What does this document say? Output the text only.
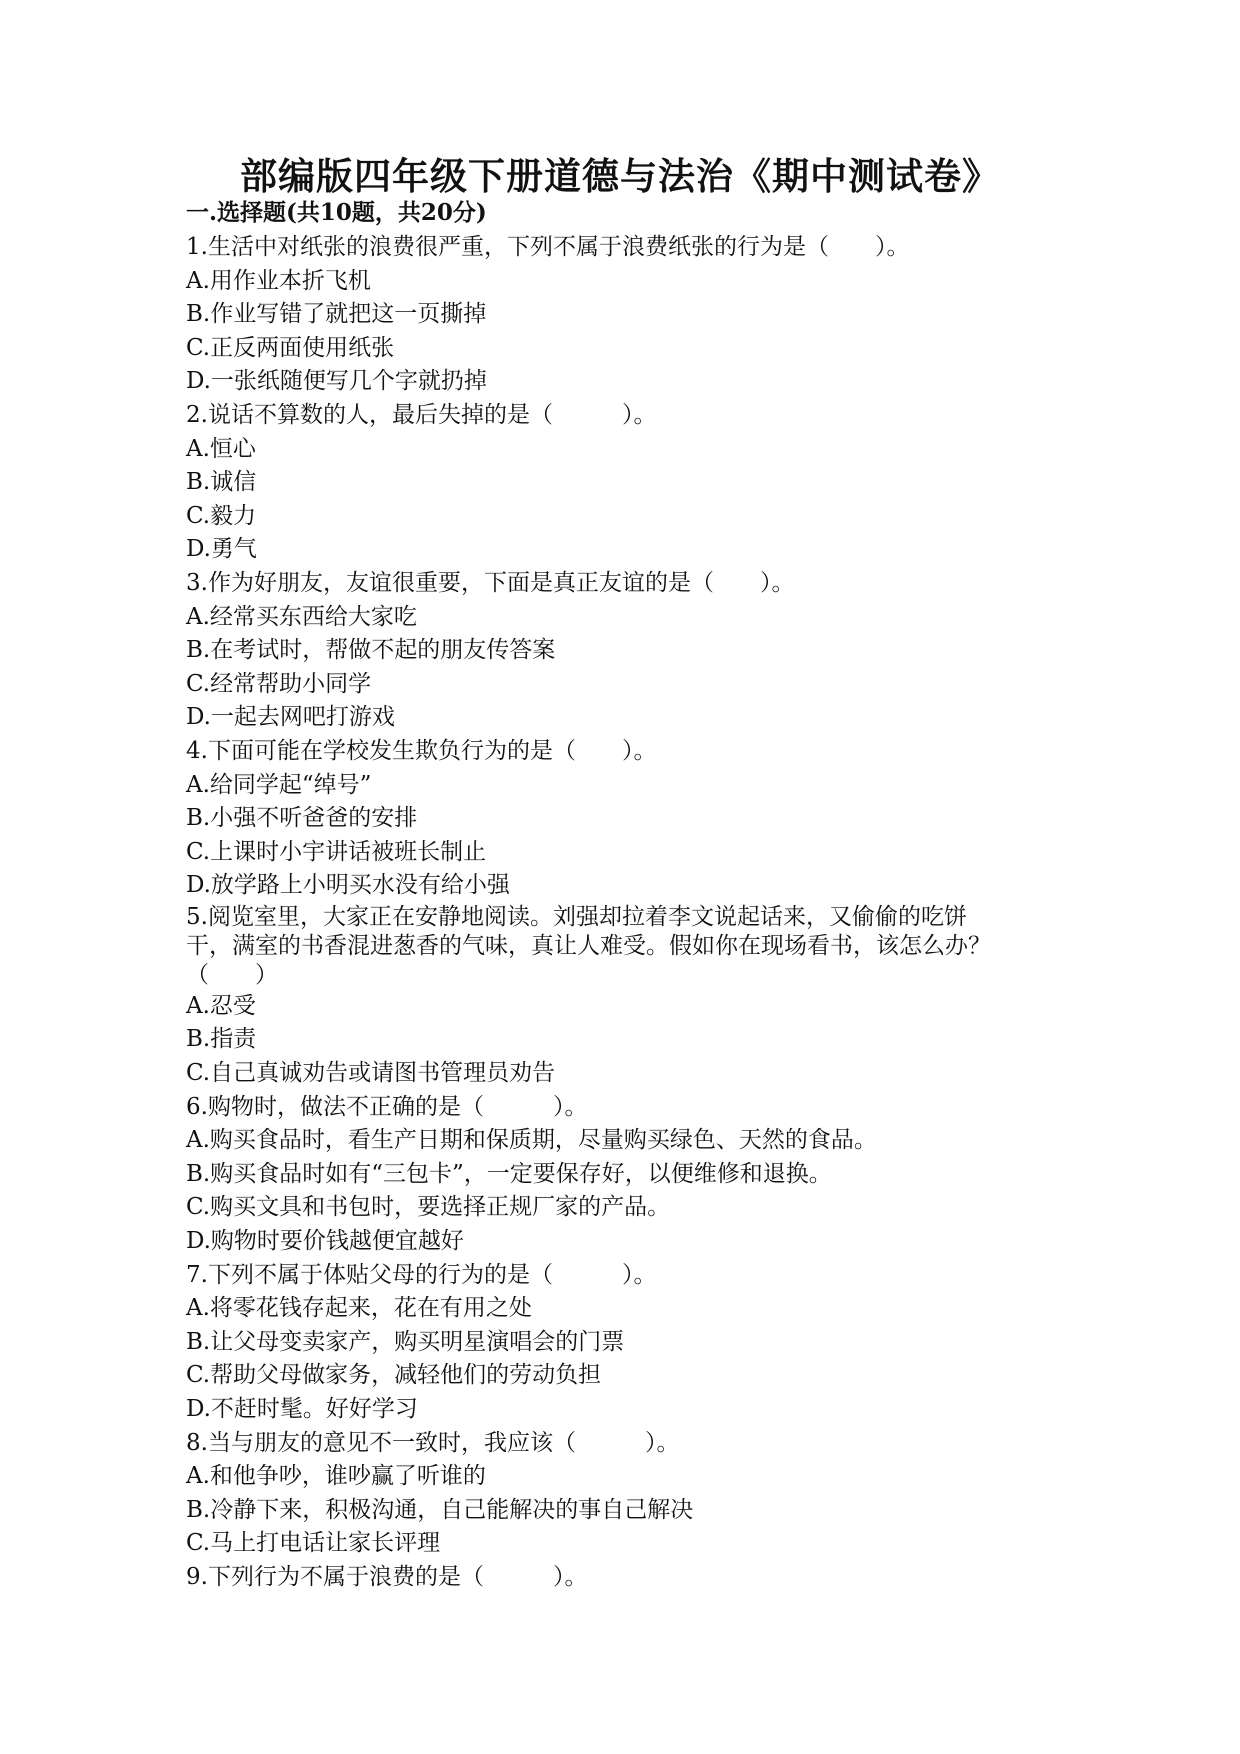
部编版四年级下册道德与法治《期中测试卷》
一.选择题(共10题，共20分)

1.生活中对纸张的浪费很严重，下列不属于浪费纸张的行为是（　　）。

A.用作业本折飞机

B.作业写错了就把这一页撕掉

C.正反两面使用纸张

D.一张纸随便写几个字就扔掉

2.说话不算数的人，最后失掉的是（　　　）。

A.恒心

B.诚信

C.毅力

D.勇气

3.作为好朋友，友谊很重要，下面是真正友谊的是（　　）。

A.经常买东西给大家吃

B.在考试时，帮做不起的朋友传答案

C.经常帮助小同学

D.一起去网吧打游戏

4.下面可能在学校发生欺负行为的是（　　）。

A.给同学起“绰号”

B.小强不听爸爸的安排

C.上课时小宇讲话被班长制止

D.放学路上小明买水没有给小强

5.阅览室里，大家正在安静地阅读。刘强却拉着李文说起话来，又偷偷的吃饼

干，满室的书香混进葱香的气味，真让人难受。假如你在现场看书，该怎么办？

（　　）

A.忍受

B.指责

C.自己真诚劝告或请图书管理员劝告

6.购物时，做法不正确的是（　　　）。

A.购买食品时，看生产日期和保质期，尽量购买绿色、天然的食品。

B.购买食品时如有“三包卡”，一定要保存好，以便维修和退换。

C.购买文具和书包时，要选择正规厂家的产品。

D.购物时要价钱越便宜越好

7.下列不属于体贴父母的行为的是（　　　）。

A.将零花钱存起来，花在有用之处

B.让父母变卖家产，购买明星演唱会的门票

C.帮助父母做家务，减轻他们的劳动负担

D.不赶时髦。好好学习

8.当与朋友的意见不一致时，我应该（　　　）。

A.和他争吵，谁吵赢了听谁的

B.冷静下来，积极沟通，自己能解决的事自己解决

C.马上打电话让家长评理

9.下列行为不属于浪费的是（　　　）。
